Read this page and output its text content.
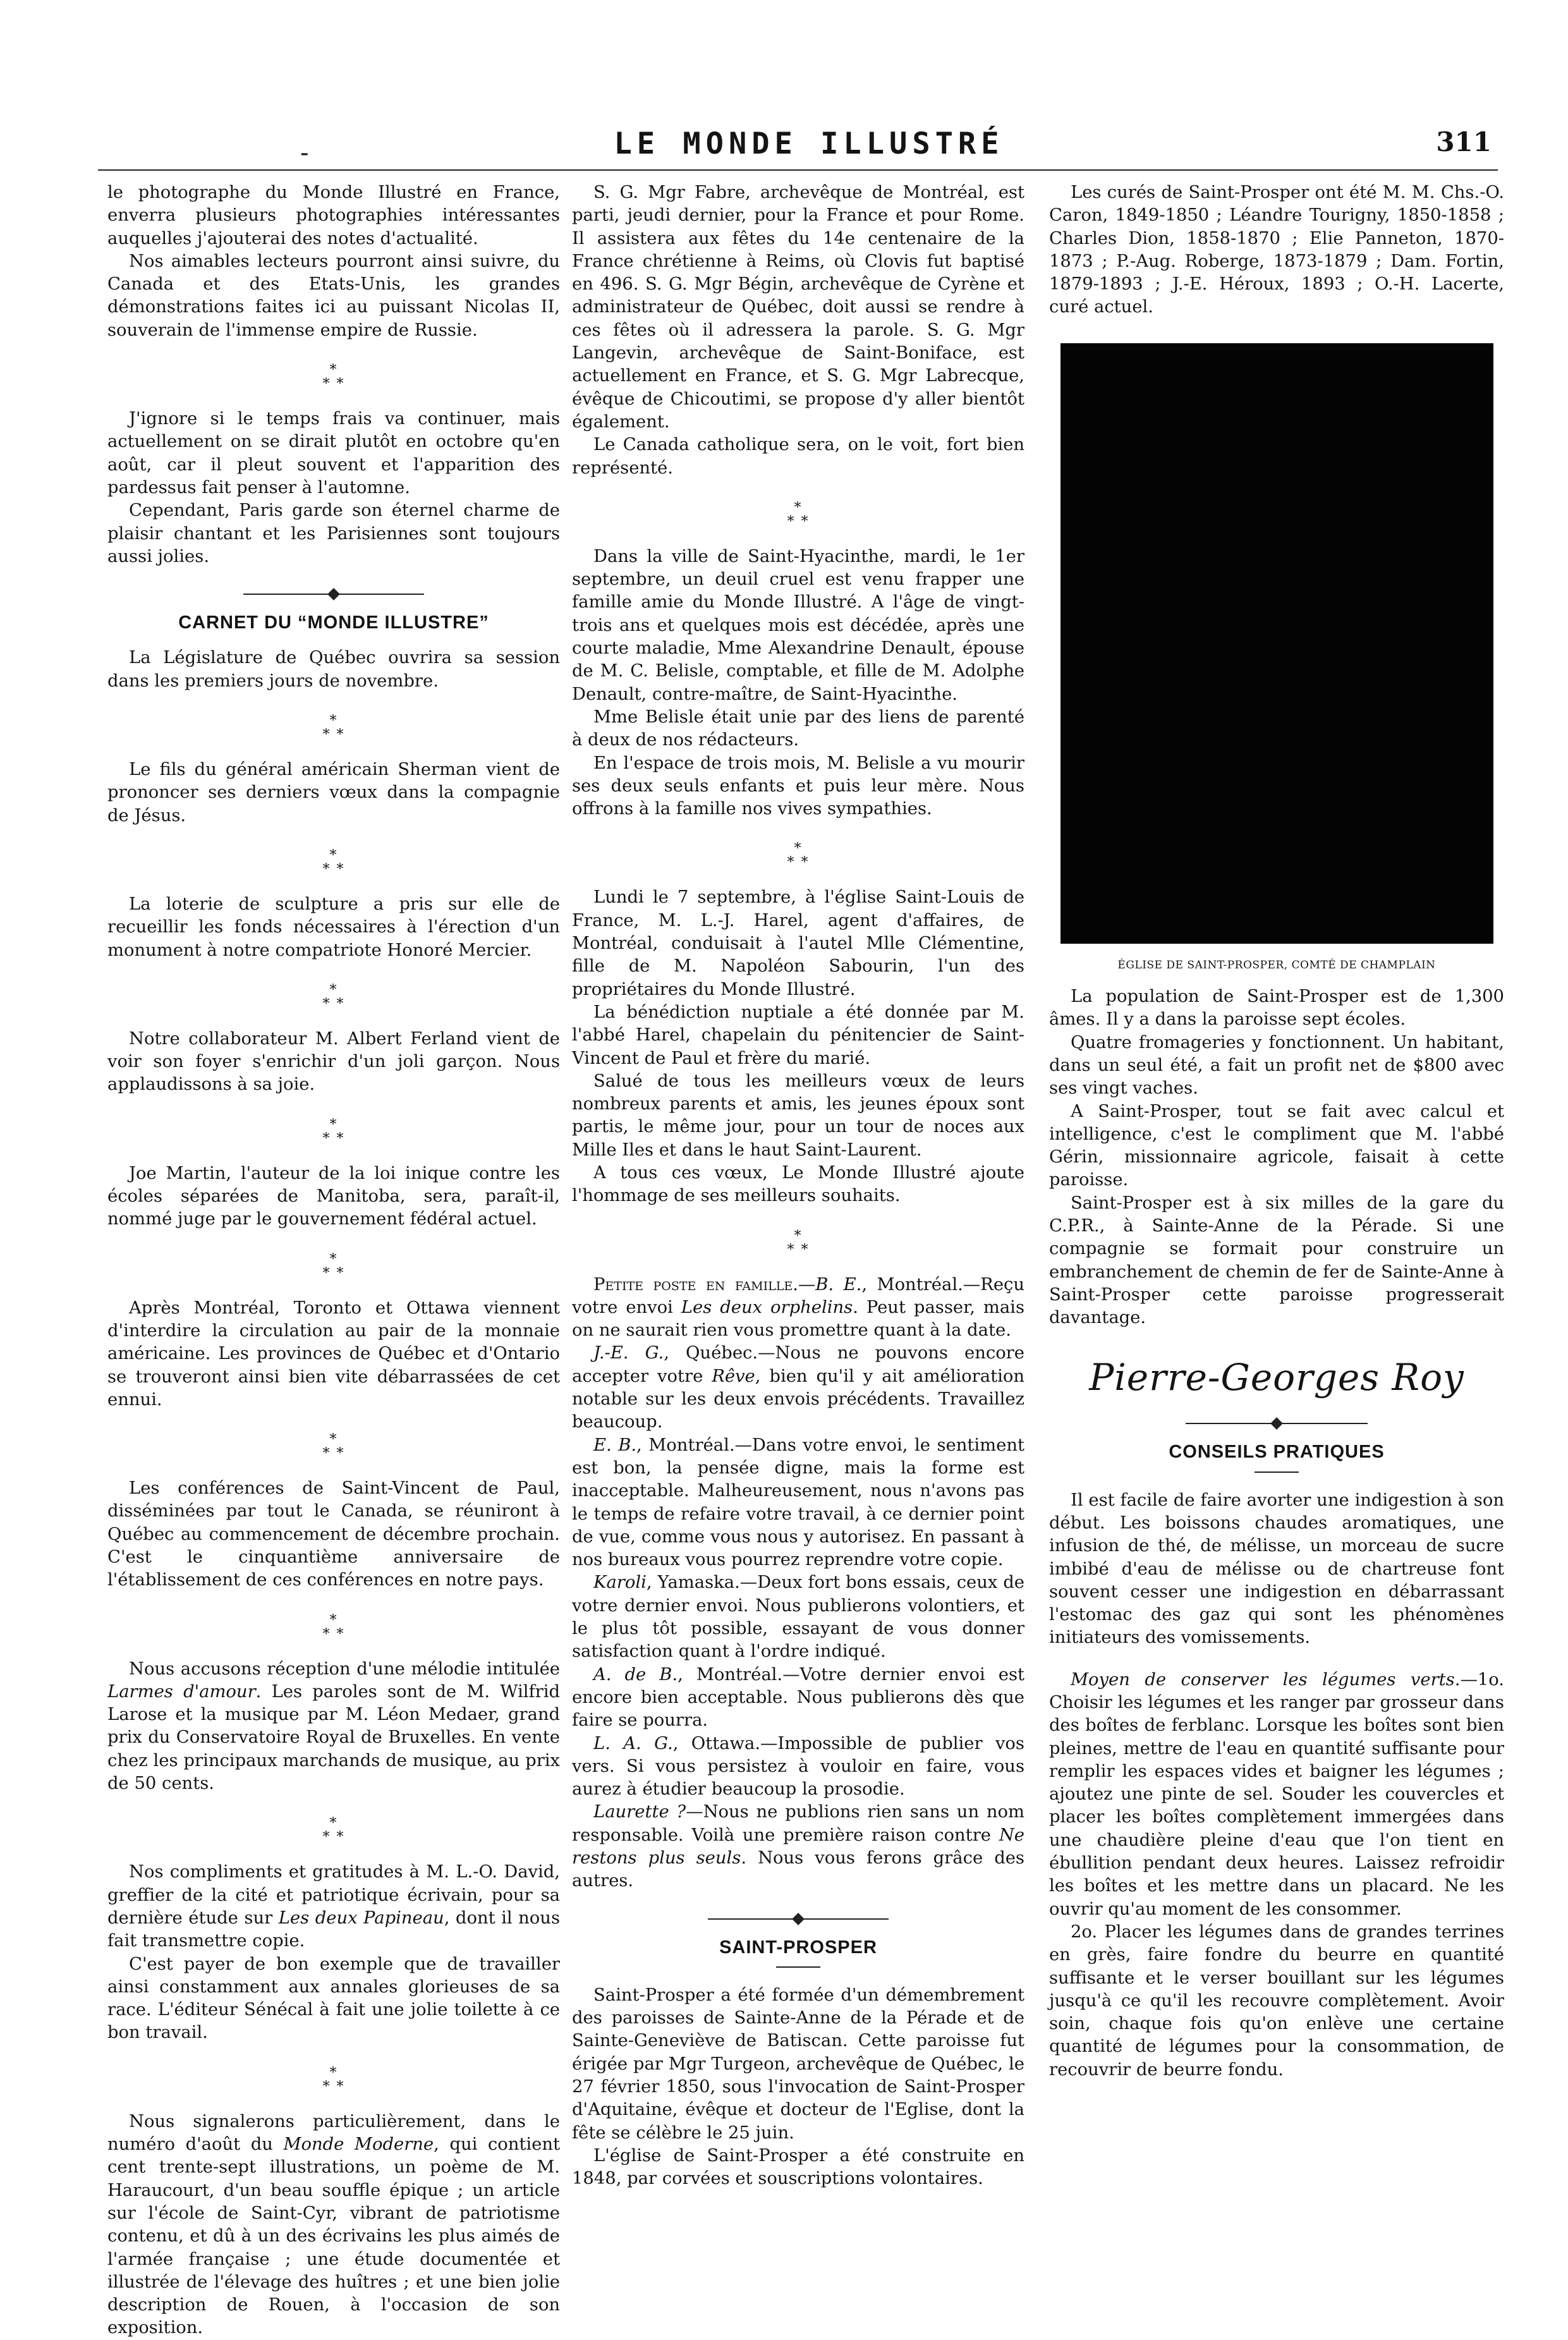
-	LE MONDE ILLUSTRÉ	311

le photographe du Monde Illustré en France, enverra plusieurs photographies intéressantes auquelles j'ajouterai des notes d'actualité.

Nos aimables lecteurs pourront ainsi suivre, du Canada et des Etats-Unis, les grandes démonstrations faites ici au puissant Nicolas II, souverain de l'immense empire de Russie.

*
* *

J'ignore si le temps frais va continuer, mais actuellement on se dirait plutôt en octobre qu'en août, car il pleut souvent et l'apparition des pardessus fait penser à l'automne.

Cependant, Paris garde son éternel charme de plaisir chantant et les Parisiennes sont toujours aussi jolies.

CARNET DU “MONDE ILLUSTRE”

La Législature de Québec ouvrira sa session dans les premiers jours de novembre.

*
* *

Le fils du général américain Sherman vient de prononcer ses derniers vœux dans la compagnie de Jésus.

*
* *

La loterie de sculpture a pris sur elle de recueillir les fonds nécessaires à l'érection d'un monument à notre compatriote Honoré Mercier.

*
* *

Notre collaborateur M. Albert Ferland vient de voir son foyer s'enrichir d'un joli garçon. Nous applaudissons à sa joie.

*
* *

Joe Martin, l'auteur de la loi inique contre les écoles séparées de Manitoba, sera, paraît-il, nommé juge par le gouvernement fédéral actuel.

*
* *

Après Montréal, Toronto et Ottawa viennent d'interdire la circulation au pair de la monnaie américaine. Les provinces de Québec et d'Ontario se trouveront ainsi bien vite débarrassées de cet ennui.

*
* *

Les conférences de Saint-Vincent de Paul, disséminées par tout le Canada, se réuniront à Québec au commencement de décembre prochain. C'est le cinquantième anniversaire de l'établissement de ces conférences en notre pays.

*
* *

Nous accusons réception d'une mélodie intitulée Larmes d'amour. Les paroles sont de M. Wilfrid Larose et la musique par M. Léon Medaer, grand prix du Conservatoire Royal de Bruxelles. En vente chez les principaux marchands de musique, au prix de 50 cents.

*
* *

Nos compliments et gratitudes à M. L.-O. David, greffier de la cité et patriotique écrivain, pour sa dernière étude sur Les deux Papineau, dont il nous fait transmettre copie.

C'est payer de bon exemple que de travailler ainsi constamment aux annales glorieuses de sa race. L'éditeur Sénécal à fait une jolie toilette à ce bon travail.

*
* *

Nous signalerons particulièrement, dans le numéro d'août du Monde Moderne, qui contient cent trente-sept illustrations, un poème de M. Haraucourt, d'un beau souffle épique ; un article sur l'école de Saint-Cyr, vibrant de patriotisme contenu, et dû à un des écrivains les plus aimés de l'armée française ; une étude documentée et illustrée de l'élevage des huîtres ; et une bien jolie description de Rouen, à l'occasion de son exposition.

S. G. Mgr Fabre, archevêque de Montréal, est parti, jeudi dernier, pour la France et pour Rome. Il assistera aux fêtes du 14e centenaire de la France chrétienne à Reims, où Clovis fut baptisé en 496. S. G. Mgr Bégin, archevêque de Cyrène et administrateur de Québec, doit aussi se rendre à ces fêtes où il adressera la parole. S. G. Mgr Langevin, archevêque de Saint-Boniface, est actuellement en France, et S. G. Mgr Labrecque, évêque de Chicoutimi, se propose d'y aller bientôt également.

Le Canada catholique sera, on le voit, fort bien représenté.

*
* *

Dans la ville de Saint-Hyacinthe, mardi, le 1er septembre, un deuil cruel est venu frapper une famille amie du Monde Illustré. A l'âge de vingt-trois ans et quelques mois est décédée, après une courte maladie, Mme Alexandrine Denault, épouse de M. C. Belisle, comptable, et fille de M. Adolphe Denault, contre-maître, de Saint-Hyacinthe.

Mme Belisle était unie par des liens de parenté à deux de nos rédacteurs.

En l'espace de trois mois, M. Belisle a vu mourir ses deux seuls enfants et puis leur mère. Nous offrons à la famille nos vives sympathies.

*
* *

Lundi le 7 septembre, à l'église Saint-Louis de France, M. L.-J. Harel, agent d'affaires, de Montréal, conduisait à l'autel Mlle Clémentine, fille de M. Napoléon Sabourin, l'un des propriétaires du Monde Illustré.

La bénédiction nuptiale a été donnée par M. l'abbé Harel, chapelain du pénitencier de Saint-Vincent de Paul et frère du marié.

Salué de tous les meilleurs vœux de leurs nombreux parents et amis, les jeunes époux sont partis, le même jour, pour un tour de noces aux Mille Iles et dans le haut Saint-Laurent.

A tous ces vœux, Le Monde Illustré ajoute l'hommage de ses meilleurs souhaits.

*
* *

Petite poste en famille.—B. E., Montréal.—Reçu votre envoi Les deux orphelins. Peut passer, mais on ne saurait rien vous promettre quant à la date.

J.-E. G., Québec.—Nous ne pouvons encore accepter votre Rêve, bien qu'il y ait amélioration notable sur les deux envois précédents. Travaillez beaucoup.

E. B., Montréal.—Dans votre envoi, le sentiment est bon, la pensée digne, mais la forme est inacceptable. Malheureusement, nous n'avons pas le temps de refaire votre travail, à ce dernier point de vue, comme vous nous y autorisez. En passant à nos bureaux vous pourrez reprendre votre copie.

Karoli, Yamaska.—Deux fort bons essais, ceux de votre dernier envoi. Nous publierons volontiers, et le plus tôt possible, essayant de vous donner satisfaction quant à l'ordre indiqué.

A. de B., Montréal.—Votre dernier envoi est encore bien acceptable. Nous publierons dès que faire se pourra.

L. A. G., Ottawa.—Impossible de publier vos vers. Si vous persistez à vouloir en faire, vous aurez à étudier beaucoup la prosodie.

Laurette ?—Nous ne publions rien sans un nom responsable. Voilà une première raison contre Ne restons plus seuls. Nous vous ferons grâce des autres.

SAINT-PROSPER

Saint-Prosper a été formée d'un démembrement des paroisses de Sainte-Anne de la Pérade et de Sainte-Geneviève de Batiscan. Cette paroisse fut érigée par Mgr Turgeon, archevêque de Québec, le 27 février 1850, sous l'invocation de Saint-Prosper d'Aquitaine, évêque et docteur de l'Eglise, dont la fête se célèbre le 25 juin.

L'église de Saint-Prosper a été construite en 1848, par corvées et souscriptions volontaires.

Les curés de Saint-Prosper ont été M. M. Chs.-O. Caron, 1849-1850 ; Léandre Tourigny, 1850-1858 ; Charles Dion, 1858-1870 ; Elie Panneton, 1870-1873 ; P.-Aug. Roberge, 1873-1879 ; Dam. Fortin, 1879-1893 ; J.-E. Héroux, 1893 ; O.-H. Lacerte, curé actuel.

ÉGLISE DE SAINT-PROSPER, COMTÉ DE CHAMPLAIN

La population de Saint-Prosper est de 1,300 âmes. Il y a dans la paroisse sept écoles.

Quatre fromageries y fonctionnent. Un habitant, dans un seul été, a fait un profit net de $800 avec ses vingt vaches.

A Saint-Prosper, tout se fait avec calcul et intelligence, c'est le compliment que M. l'abbé Gérin, missionnaire agricole, faisait à cette paroisse.

Saint-Prosper est à six milles de la gare du C.P.R., à Sainte-Anne de la Pérade. Si une compagnie se formait pour construire un embranchement de chemin de fer de Sainte-Anne à Saint-Prosper cette paroisse progresserait davantage.

Pierre-Georges Roy
CONSEILS PRATIQUES

Il est facile de faire avorter une indigestion à son début. Les boissons chaudes aromatiques, une infusion de thé, de mélisse, un morceau de sucre imbibé d'eau de mélisse ou de chartreuse font souvent cesser une indigestion en débarrassant l'estomac des gaz qui sont les phénomènes initiateurs des vomissements.

Moyen de conserver les légumes verts.—1o. Choisir les légumes et les ranger par grosseur dans des boîtes de ferblanc. Lorsque les boîtes sont bien pleines, mettre de l'eau en quantité suffisante pour remplir les espaces vides et baigner les légumes ; ajoutez une pinte de sel. Souder les couvercles et placer les boîtes complètement immergées dans une chaudière pleine d'eau que l'on tient en ébullition pendant deux heures. Laissez refroidir les boîtes et les mettre dans un placard. Ne les ouvrir qu'au moment de les consommer.

2o. Placer les légumes dans de grandes terrines en grès, faire fondre du beurre en quantité suffisante et le verser bouillant sur les légumes jusqu'à ce qu'il les recouvre complètement. Avoir soin, chaque fois qu'on enlève une certaine quantité de légumes pour la consommation, de recouvrir de beurre fondu.
